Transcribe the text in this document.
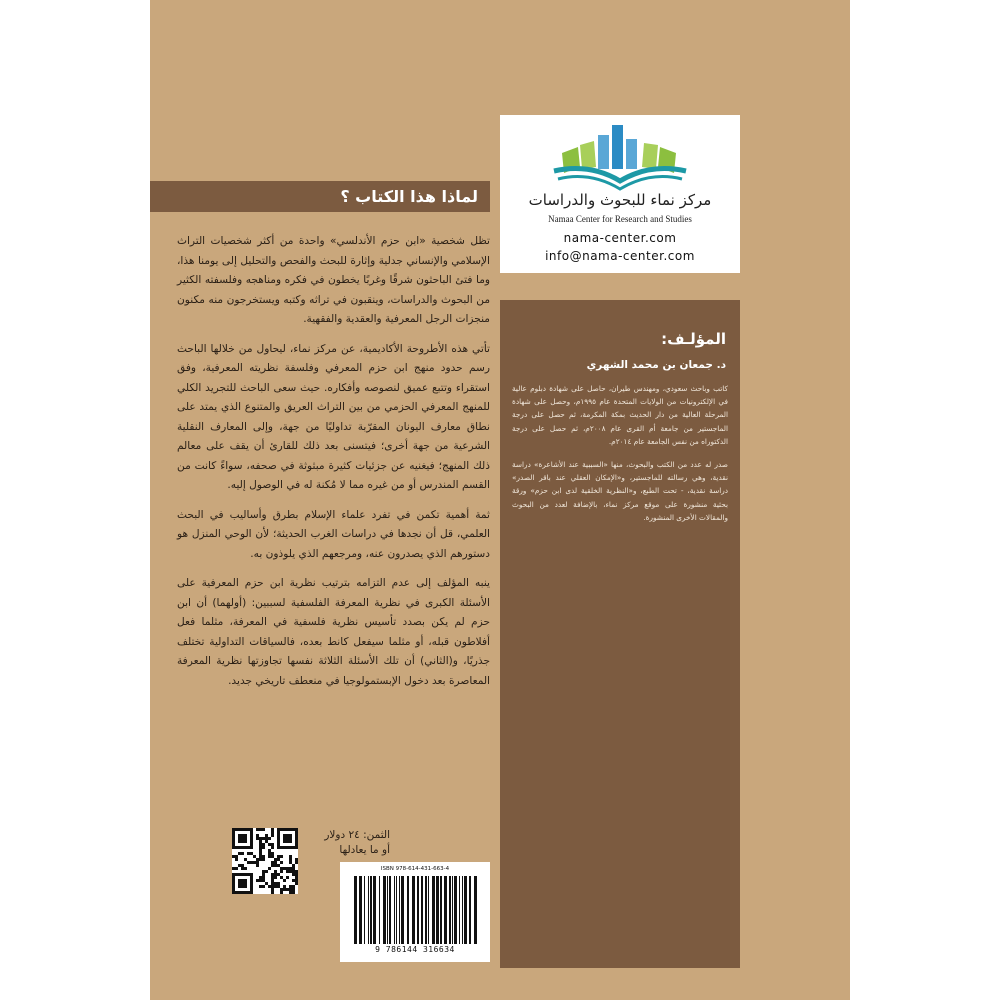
مركز نماء للبحوث والدراسات
Namaa Center for Research and Studies
nama-center.com
info@nama-center.com
لماذا هذا الكتاب ؟

تظل شخصية «ابن حزم الأندلسي» واحدة من أكثر شخصيات التراث الإسلامي والإنساني جدلية وإثارة للبحث والفحص والتحليل إلى يومنا هذا، وما فتئ الباحثون شرقًا وغربًا يخطون في فكره ومناهجه وفلسفته الكثير من البحوث والدراسات، وينقبون في تراثه وكتبه ويستخرجون منه مكنون منجزات الرجل المعرفية والعقدية والفقهية.

تأتي هذه الأطروحة الأكاديمية، عن مركز نماء، ليحاول من خلالها الباحث رسم حدود منهج ابن حزم المعرفي وفلسفة نظريته المعرفية، وفق استقراء وتتبع عميق لنصوصه وأفكاره. حيث سعى الباحث للتجريد الكلي للمنهج المعرفي الحزمي من بين التراث العريق والمتنوع الذي يمتد على نطاق معارف اليونان المقرّبة تداوليًا من جهة، وإلى المعارف النقلية الشرعية من جهة أخرى؛ فيتسنى بعد ذلك للقارئ أن يقف على معالم ذلك المنهج؛ فيغنيه عن جزئيات كثيرة مبثوثة في صحفه، سواءً كانت من القسم المندرس أو من غيره مما لا مُكنة له في الوصول إليه.

ثمة أهمية تكمن في تفرد علماء الإسلام بطرق وأساليب في البحث العلمي، قل أن نجدها في دراسات الغرب الحديثة؛ لأن الوحي المنزل هو دستورهم الذي يصدرون عنه، ومرجعهم الذي يلوذون به.

ينبه المؤلف إلى عدم التزامه بترتيب نظرية ابن حزم المعرفية على الأسئلة الكبرى في نظرية المعرفة الفلسفية لسببين: (أولهما) أن ابن حزم لم يكن بصدد تأسيس نظرية فلسفية في المعرفة، مثلما فعل أفلاطون قبله، أو مثلما سيفعل كانط بعده، فالسياقات التداولية تختلف جذريًا، و(الثاني) أن تلك الأسئلة الثلاثة نفسها تجاوزتها نظرية المعرفة المعاصرة بعد دخول الإبستمولوجيا في منعطف تاريخي جديد.

المؤلـف:
د. جمعان بن محمد الشهري

كاتب وباحث سعودي، ومهندس طيران، حاصل على شهادة دبلوم عالية في الإلكترونيات من الولايات المتحدة عام ١٩٩٥م، وحصل على شهادة المرحلة العالية من دار الحديث بمكة المكرمة، ثم حصل على درجة الماجستير من جامعة أم القرى عام ٢٠٠٨م، ثم حصل على درجة الدكتوراه من نفس الجامعة عام ٢٠١٤م.

صدر له عدد من الكتب والبحوث، منها «السببية عند الأشاعرة» دراسة نقدية، وهي رسالته للماجستير، و«الإمكان العقلي عند باقر الصدر» دراسة نقدية، - تحت الطبع، و«النظرية الخلقية لدى ابن حزم» ورقة بحثية منشورة على موقع مركز نماء، بالإضافة لعدد من البحوث والمقالات الأخرى المنشورة.

الثمن: ٢٤ دولار
أو ما يعادلها
ISBN 978-614-431-663-4
9 786144 316634
